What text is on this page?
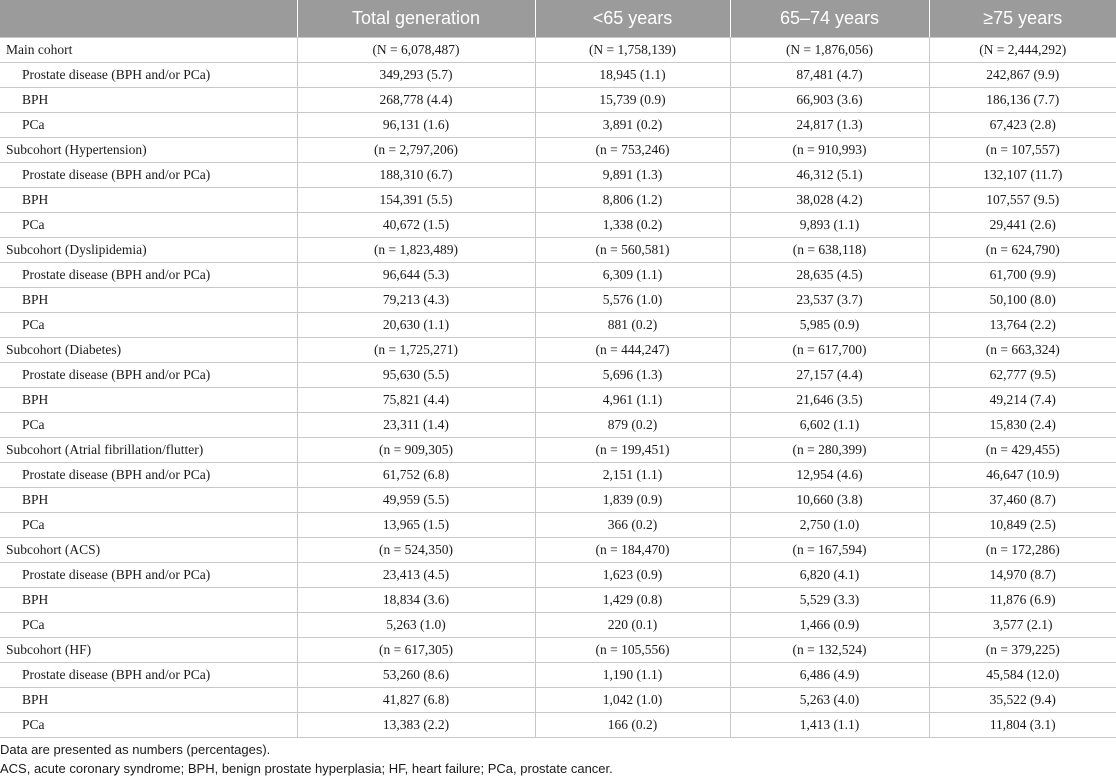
	Total generation	<65 years	65–74 years	≥75 years
Main cohort	(N = 6,078,487)	(N = 1,758,139)	(N = 1,876,056)	(N = 2,444,292)
Prostate disease (BPH and/or PCa)	349,293 (5.7)	18,945 (1.1)	87,481 (4.7)	242,867 (9.9)
BPH	268,778 (4.4)	15,739 (0.9)	66,903 (3.6)	186,136 (7.7)
PCa	96,131 (1.6)	3,891 (0.2)	24,817 (1.3)	67,423 (2.8)
Subcohort (Hypertension)	(n = 2,797,206)	(n = 753,246)	(n = 910,993)	(n = 107,557)
Prostate disease (BPH and/or PCa)	188,310 (6.7)	9,891 (1.3)	46,312 (5.1)	132,107 (11.7)
BPH	154,391 (5.5)	8,806 (1.2)	38,028 (4.2)	107,557 (9.5)
PCa	40,672 (1.5)	1,338 (0.2)	9,893 (1.1)	29,441 (2.6)
Subcohort (Dyslipidemia)	(n = 1,823,489)	(n = 560,581)	(n = 638,118)	(n = 624,790)
Prostate disease (BPH and/or PCa)	96,644 (5.3)	6,309 (1.1)	28,635 (4.5)	61,700 (9.9)
BPH	79,213 (4.3)	5,576 (1.0)	23,537 (3.7)	50,100 (8.0)
PCa	20,630 (1.1)	881 (0.2)	5,985 (0.9)	13,764 (2.2)
Subcohort (Diabetes)	(n = 1,725,271)	(n = 444,247)	(n = 617,700)	(n = 663,324)
Prostate disease (BPH and/or PCa)	95,630 (5.5)	5,696 (1.3)	27,157 (4.4)	62,777 (9.5)
BPH	75,821 (4.4)	4,961 (1.1)	21,646 (3.5)	49,214 (7.4)
PCa	23,311 (1.4)	879 (0.2)	6,602 (1.1)	15,830 (2.4)
Subcohort (Atrial fibrillation/flutter)	(n = 909,305)	(n = 199,451)	(n = 280,399)	(n = 429,455)
Prostate disease (BPH and/or PCa)	61,752 (6.8)	2,151 (1.1)	12,954 (4.6)	46,647 (10.9)
BPH	49,959 (5.5)	1,839 (0.9)	10,660 (3.8)	37,460 (8.7)
PCa	13,965 (1.5)	366 (0.2)	2,750 (1.0)	10,849 (2.5)
Subcohort (ACS)	(n = 524,350)	(n = 184,470)	(n = 167,594)	(n = 172,286)
Prostate disease (BPH and/or PCa)	23,413 (4.5)	1,623 (0.9)	6,820 (4.1)	14,970 (8.7)
BPH	18,834 (3.6)	1,429 (0.8)	5,529 (3.3)	11,876 (6.9)
PCa	5,263 (1.0)	220 (0.1)	1,466 (0.9)	3,577 (2.1)
Subcohort (HF)	(n = 617,305)	(n = 105,556)	(n = 132,524)	(n = 379,225)
Prostate disease (BPH and/or PCa)	53,260 (8.6)	1,190 (1.1)	6,486 (4.9)	45,584 (12.0)
BPH	41,827 (6.8)	1,042 (1.0)	5,263 (4.0)	35,522 (9.4)
PCa	13,383 (2.2)	166 (0.2)	1,413 (1.1)	11,804 (3.1)
Data are presented as numbers (percentages).
ACS, acute coronary syndrome; BPH, benign prostate hyperplasia; HF, heart failure; PCa, prostate cancer.
